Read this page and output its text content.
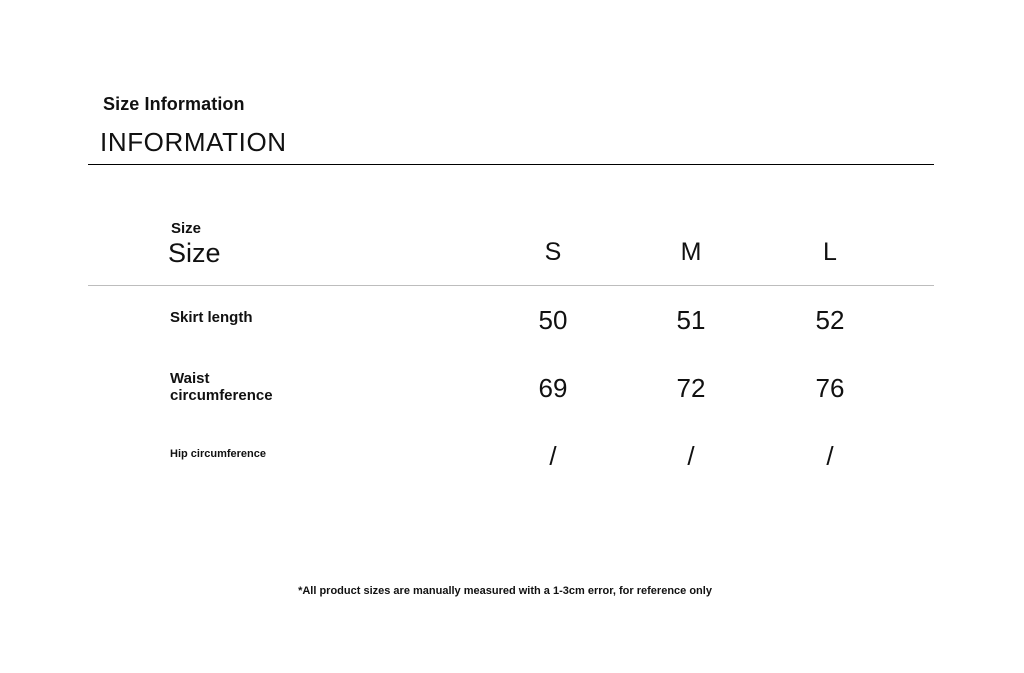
Size Information
INFORMATION
Size
Size	S	M	L
Skirt length	50	51	52
Waist
circumference	69	72	76
Hip circumference	/	/	/
*All product sizes are manually measured with a 1-3cm error, for reference only
